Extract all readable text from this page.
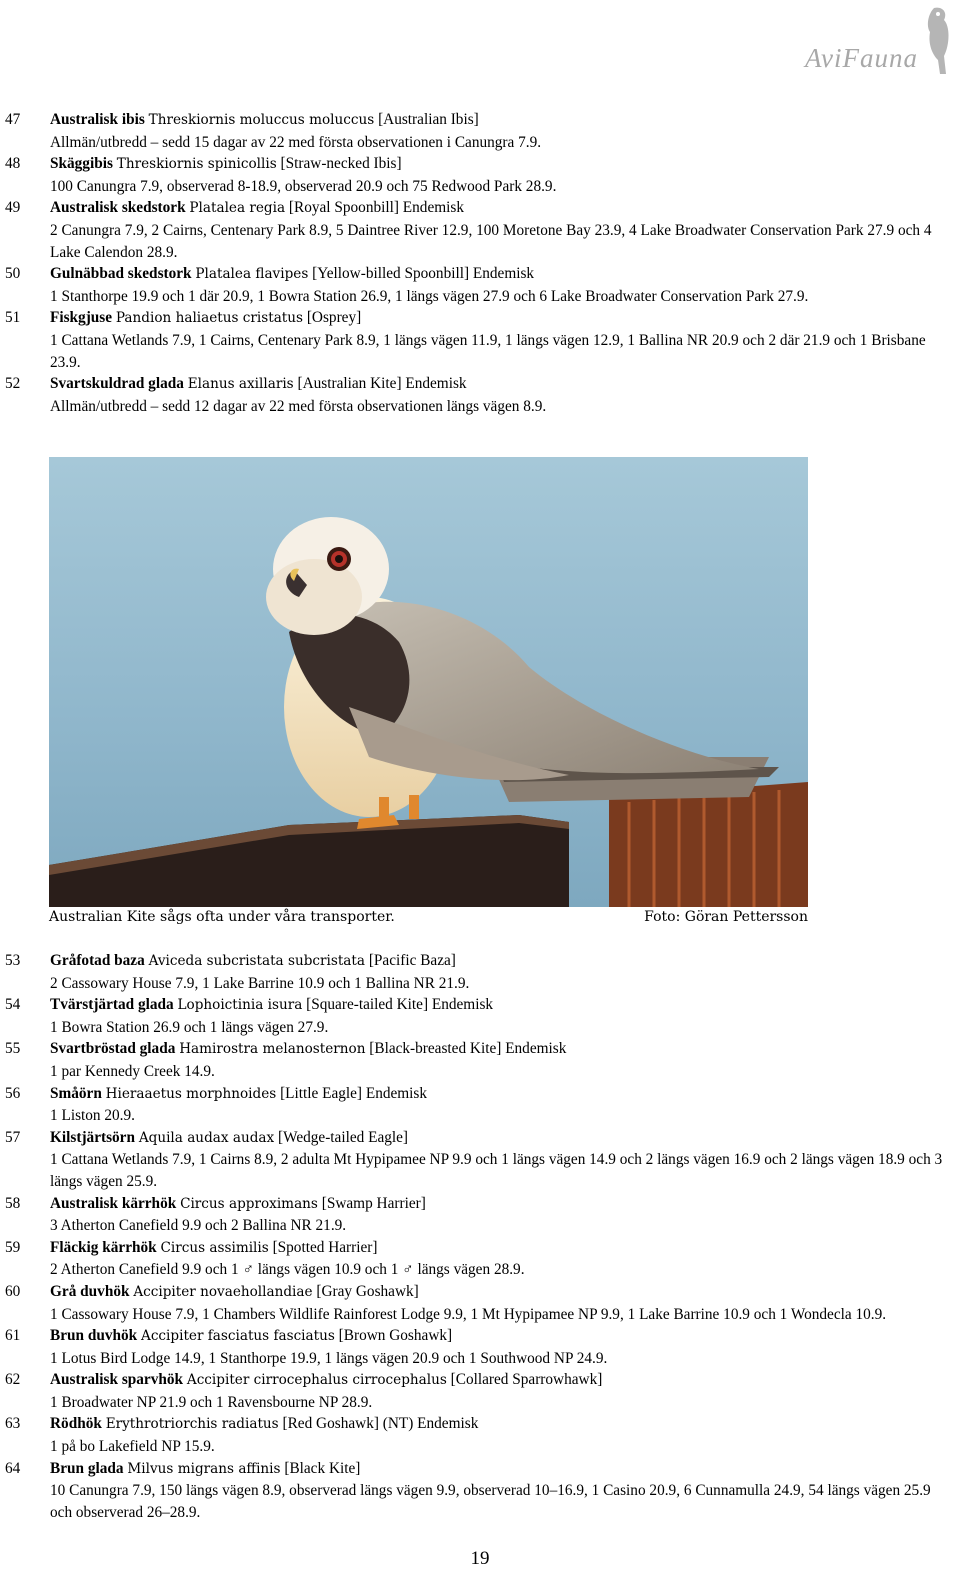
AviFauna
47 Australisk ibis Threskiornis moluccus moluccus [Australian Ibis]
Allmän/utbredd – sedd 15 dagar av 22 med första observationen i Canungra 7.9.
48 Skäggibis Threskiornis spinicollis [Straw-necked Ibis]
100 Canungra 7.9, observerad 8-18.9, observerad 20.9 och 75 Redwood Park 28.9.
49 Australisk skedstork Platalea regia [Royal Spoonbill] Endemisk
2 Canungra 7.9, 2 Cairns, Centenary Park 8.9, 5 Daintree River 12.9, 100 Moretone Bay 23.9, 4 Lake Broadwater Conservation Park 27.9 och 4 Lake Calendon 28.9.
50 Gulnäbbad skedstork Platalea flavipes [Yellow-billed Spoonbill] Endemisk
1 Stanthorpe 19.9 och 1 där 20.9, 1 Bowra Station 26.9, 1 längs vägen 27.9 och 6 Lake Broadwater Conservation Park 27.9.
51 Fiskgjuse Pandion haliaetus cristatus [Osprey]
1 Cattana Wetlands 7.9, 1 Cairns, Centenary Park 8.9, 1 längs vägen 11.9, 1 längs vägen 12.9, 1 Ballina NR 20.9 och 2 där 21.9 och 1 Brisbane 23.9.
52 Svartskuldrad glada Elanus axillaris [Australian Kite] Endemisk
Allmän/utbredd – sedd 12 dagar av 22 med första observationen längs vägen 8.9.
Australian Kite sågs ofta under våra transporter.	Foto: Göran Pettersson
53 Gråfotad baza Aviceda subcristata subcristata [Pacific Baza]
2 Cassowary House 7.9, 1 Lake Barrine 10.9 och 1 Ballina NR 21.9.
54 Tvärstjärtad glada Lophoictinia isura [Square-tailed Kite] Endemisk
1 Bowra Station 26.9 och 1 längs vägen 27.9.
55 Svartbröstad glada Hamirostra melanosternon [Black-breasted Kite] Endemisk
1 par Kennedy Creek 14.9.
56 Småörn Hieraaetus morphnoides [Little Eagle] Endemisk
1 Liston 20.9.
57 Kilstjärtsörn Aquila audax audax [Wedge-tailed Eagle]
1 Cattana Wetlands 7.9, 1 Cairns 8.9, 2 adulta Mt Hypipamee NP 9.9 och 1 längs vägen 14.9 och 2 längs vägen 16.9 och 2 längs vägen 18.9 och 3 längs vägen 25.9.
58 Australisk kärrhök Circus approximans [Swamp Harrier]
3 Atherton Canefield 9.9 och 2 Ballina NR 21.9.
59 Fläckig kärrhök Circus assimilis [Spotted Harrier]
2 Atherton Canefield 9.9 och 1 ♂ längs vägen 10.9 och 1 ♂ längs vägen 28.9.
60 Grå duvhök Accipiter novaehollandiae [Gray Goshawk]
1 Cassowary House 7.9, 1 Chambers Wildlife Rainforest Lodge 9.9, 1 Mt Hypipamee NP 9.9, 1 Lake Barrine 10.9 och 1 Wondecla 10.9.
61 Brun duvhök Accipiter fasciatus fasciatus [Brown Goshawk]
1 Lotus Bird Lodge 14.9, 1 Stanthorpe 19.9, 1 längs vägen 20.9 och 1 Southwood NP 24.9.
62 Australisk sparvhök Accipiter cirrocephalus cirrocephalus [Collared Sparrowhawk]
1 Broadwater NP 21.9 och 1 Ravensbourne NP 28.9.
63 Rödhök Erythrotriorchis radiatus [Red Goshawk] (NT) Endemisk
1 på bo Lakefield NP 15.9.
64 Brun glada Milvus migrans affinis [Black Kite]
10 Canungra 7.9, 150 längs vägen 8.9, observerad längs vägen 9.9, observerad 10–16.9, 1 Casino 20.9, 6 Cunnamulla 24.9, 54 längs vägen 25.9 och observerad 26–28.9.
19
